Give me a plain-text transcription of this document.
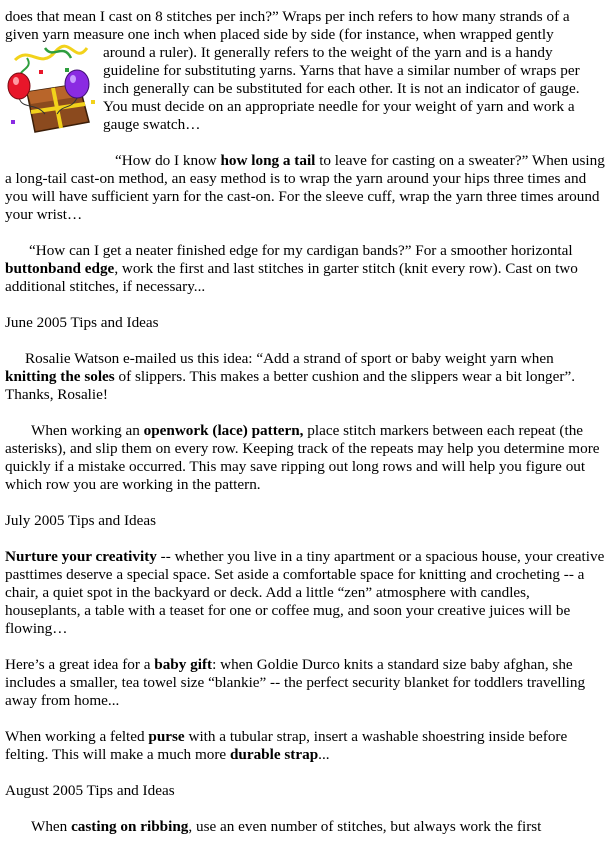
does that mean I cast on 8 stitches per inch?” Wraps per inch refers to how many strands of a given yarn measure one inch when placed side by side (for instance, when wrapped gently

around a ruler). It generally refers to the weight of the yarn and is a handy guideline for substituting yarns. Yarns that have a similar number of wraps per inch generally can be substituted for each other. It is not an indicator of gauge. You must decide on an appropriate needle for your weight of yarn and work a gauge swatch…

“How do I know how long a tail to leave for casting on a sweater?” When using a long-tail cast-on method, an easy method is to wrap the yarn around your hips three times and you will have sufficient yarn for the cast-on. For the sleeve cuff, wrap the yarn three times around your wrist…

“How can I get a neater finished edge for my cardigan bands?” For a smoother horizontal buttonband edge, work the first and last stitches in garter stitch (knit every row). Cast on two additional stitches, if necessary...

June 2005 Tips and Ideas

Rosalie Watson e-mailed us this idea: “Add a strand of sport or baby weight yarn when knitting the soles of slippers. This makes a better cushion and the slippers wear a bit longer”. Thanks, Rosalie!

When working an openwork (lace) pattern, place stitch markers between each repeat (the asterisks), and slip them on every row. Keeping track of the repeats may help you determine more quickly if a mistake occurred. This may save ripping out long rows and will help you figure out which row you are working in the pattern.

July 2005 Tips and Ideas

Nurture your creativity -- whether you live in a tiny apartment or a spacious house, your creative pasttimes deserve a special space. Set aside a comfortable space for knitting and crocheting -- a chair, a quiet spot in the backyard or deck. Add a little “zen” atmosphere with candles, houseplants, a table with a teaset for one or coffee mug, and soon your creative juices will be flowing…

Here’s a great idea for a baby gift: when Goldie Durco knits a standard size baby afghan, she includes a smaller, tea towel size “blankie” -- the perfect security blanket for toddlers travelling away from home...

When working a felted purse with a tubular strap, insert a washable shoestring inside before felting. This will make a much more durable strap...

August 2005 Tips and Ideas

When casting on ribbing, use an even number of stitches, but always work the first
